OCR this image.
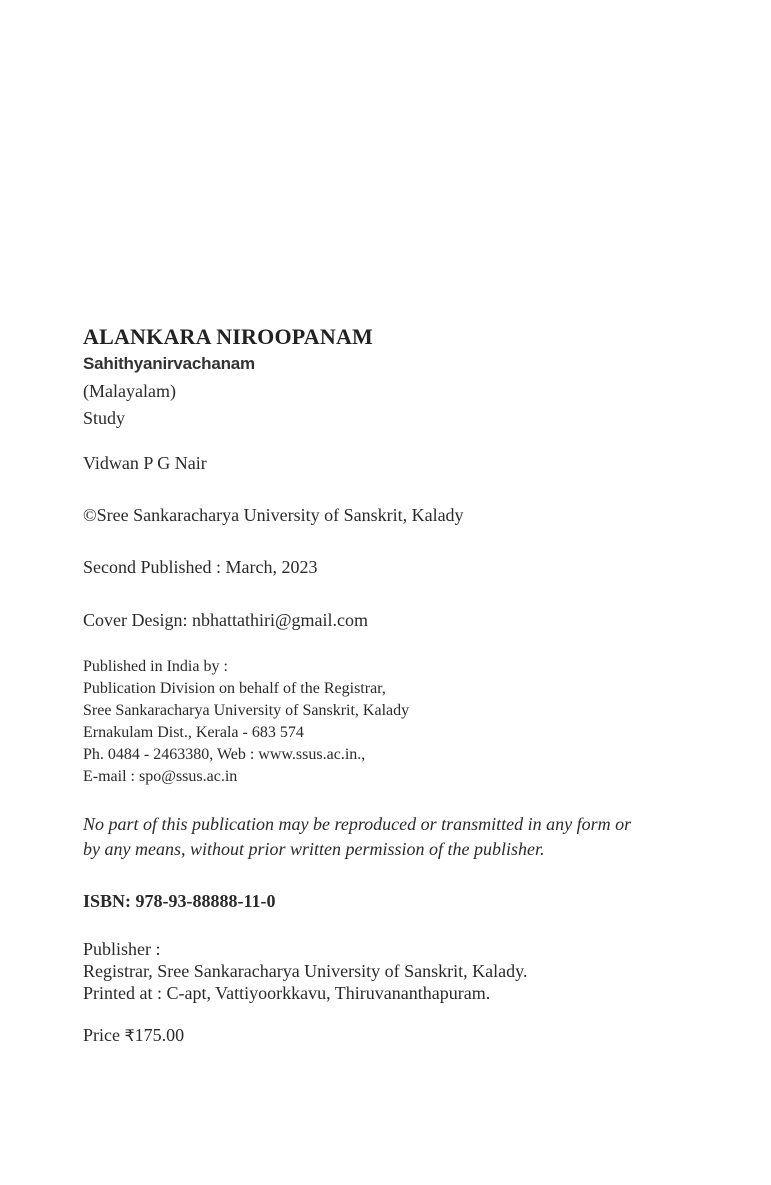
ALANKARA NIROOPANAM

Sahithyanirvachanam

(Malayalam)

Study

Vidwan P G Nair

©Sree Sankaracharya University of Sanskrit, Kalady

Second Published : March, 2023

Cover Design: nbhattathiri@gmail.com

Published in India by :

Publication Division on behalf of the Registrar,

Sree Sankaracharya University of Sanskrit, Kalady

Ernakulam Dist., Kerala - 683 574

Ph. 0484 - 2463380, Web : www.ssus.ac.in.,

E-mail : spo@ssus.ac.in

No part of this publication may be reproduced or transmitted in any form or

by any means, without prior written permission of the publisher.

ISBN: 978-93-88888-11-0

Publisher :

Registrar, Sree Sankaracharya University of Sanskrit, Kalady.

Printed at : C-apt, Vattiyoorkkavu, Thiruvananthapuram.

Price ₹175.00
